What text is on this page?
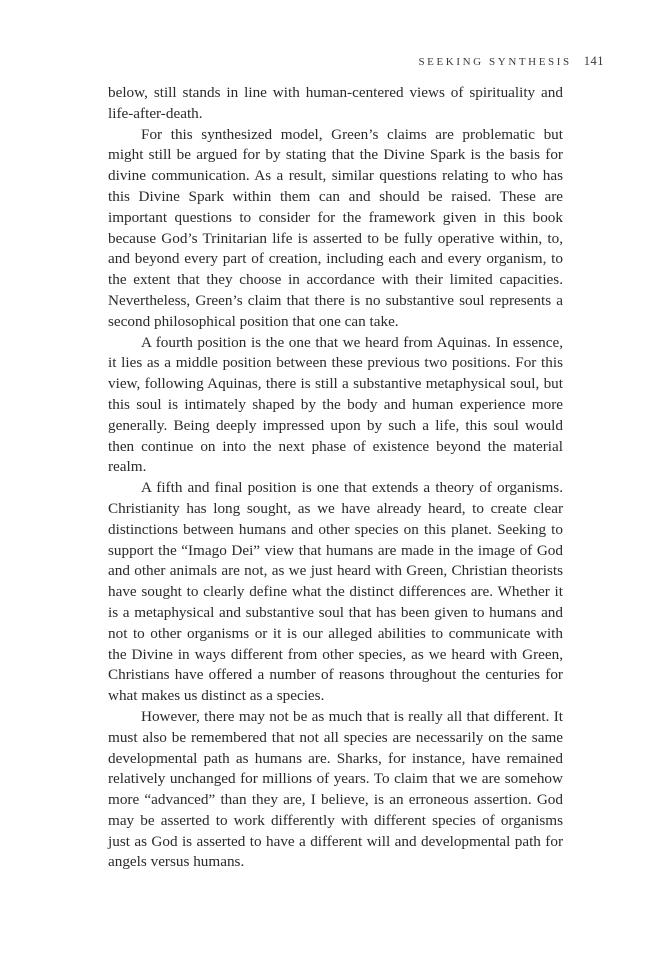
SEEKING SYNTHESIS 141

below, still stands in line with human-centered views of spirituality and life-after-death.

For this synthesized model, Green’s claims are problematic but might still be argued for by stating that the Divine Spark is the basis for divine communication. As a result, similar questions relating to who has this Divine Spark within them can and should be raised. These are important questions to consider for the framework given in this book because God’s Trinitarian life is asserted to be fully operative within, to, and beyond every part of creation, including each and every organism, to the extent that they choose in accordance with their limited capacities. Nevertheless, Green’s claim that there is no substantive soul represents a second philosophical position that one can take.

A fourth position is the one that we heard from Aquinas. In essence, it lies as a middle position between these previous two positions. For this view, following Aquinas, there is still a substantive metaphysical soul, but this soul is intimately shaped by the body and human experience more generally. Being deeply impressed upon by such a life, this soul would then continue on into the next phase of existence beyond the material realm.

A fifth and final position is one that extends a theory of organisms. Christianity has long sought, as we have already heard, to create clear distinctions between humans and other species on this planet. Seeking to support the “Imago Dei” view that humans are made in the image of God and other animals are not, as we just heard with Green, Christian theorists have sought to clearly define what the distinct differences are. Whether it is a metaphysical and substantive soul that has been given to humans and not to other organisms or it is our alleged abilities to communicate with the Divine in ways different from other species, as we heard with Green, Christians have offered a number of reasons throughout the centuries for what makes us distinct as a species.

However, there may not be as much that is really all that different. It must also be remembered that not all species are necessarily on the same developmental path as humans are. Sharks, for instance, have remained relatively unchanged for millions of years. To claim that we are somehow more “advanced” than they are, I believe, is an erroneous assertion. God may be asserted to work differently with different species of organisms just as God is asserted to have a different will and developmental path for angels versus humans.
